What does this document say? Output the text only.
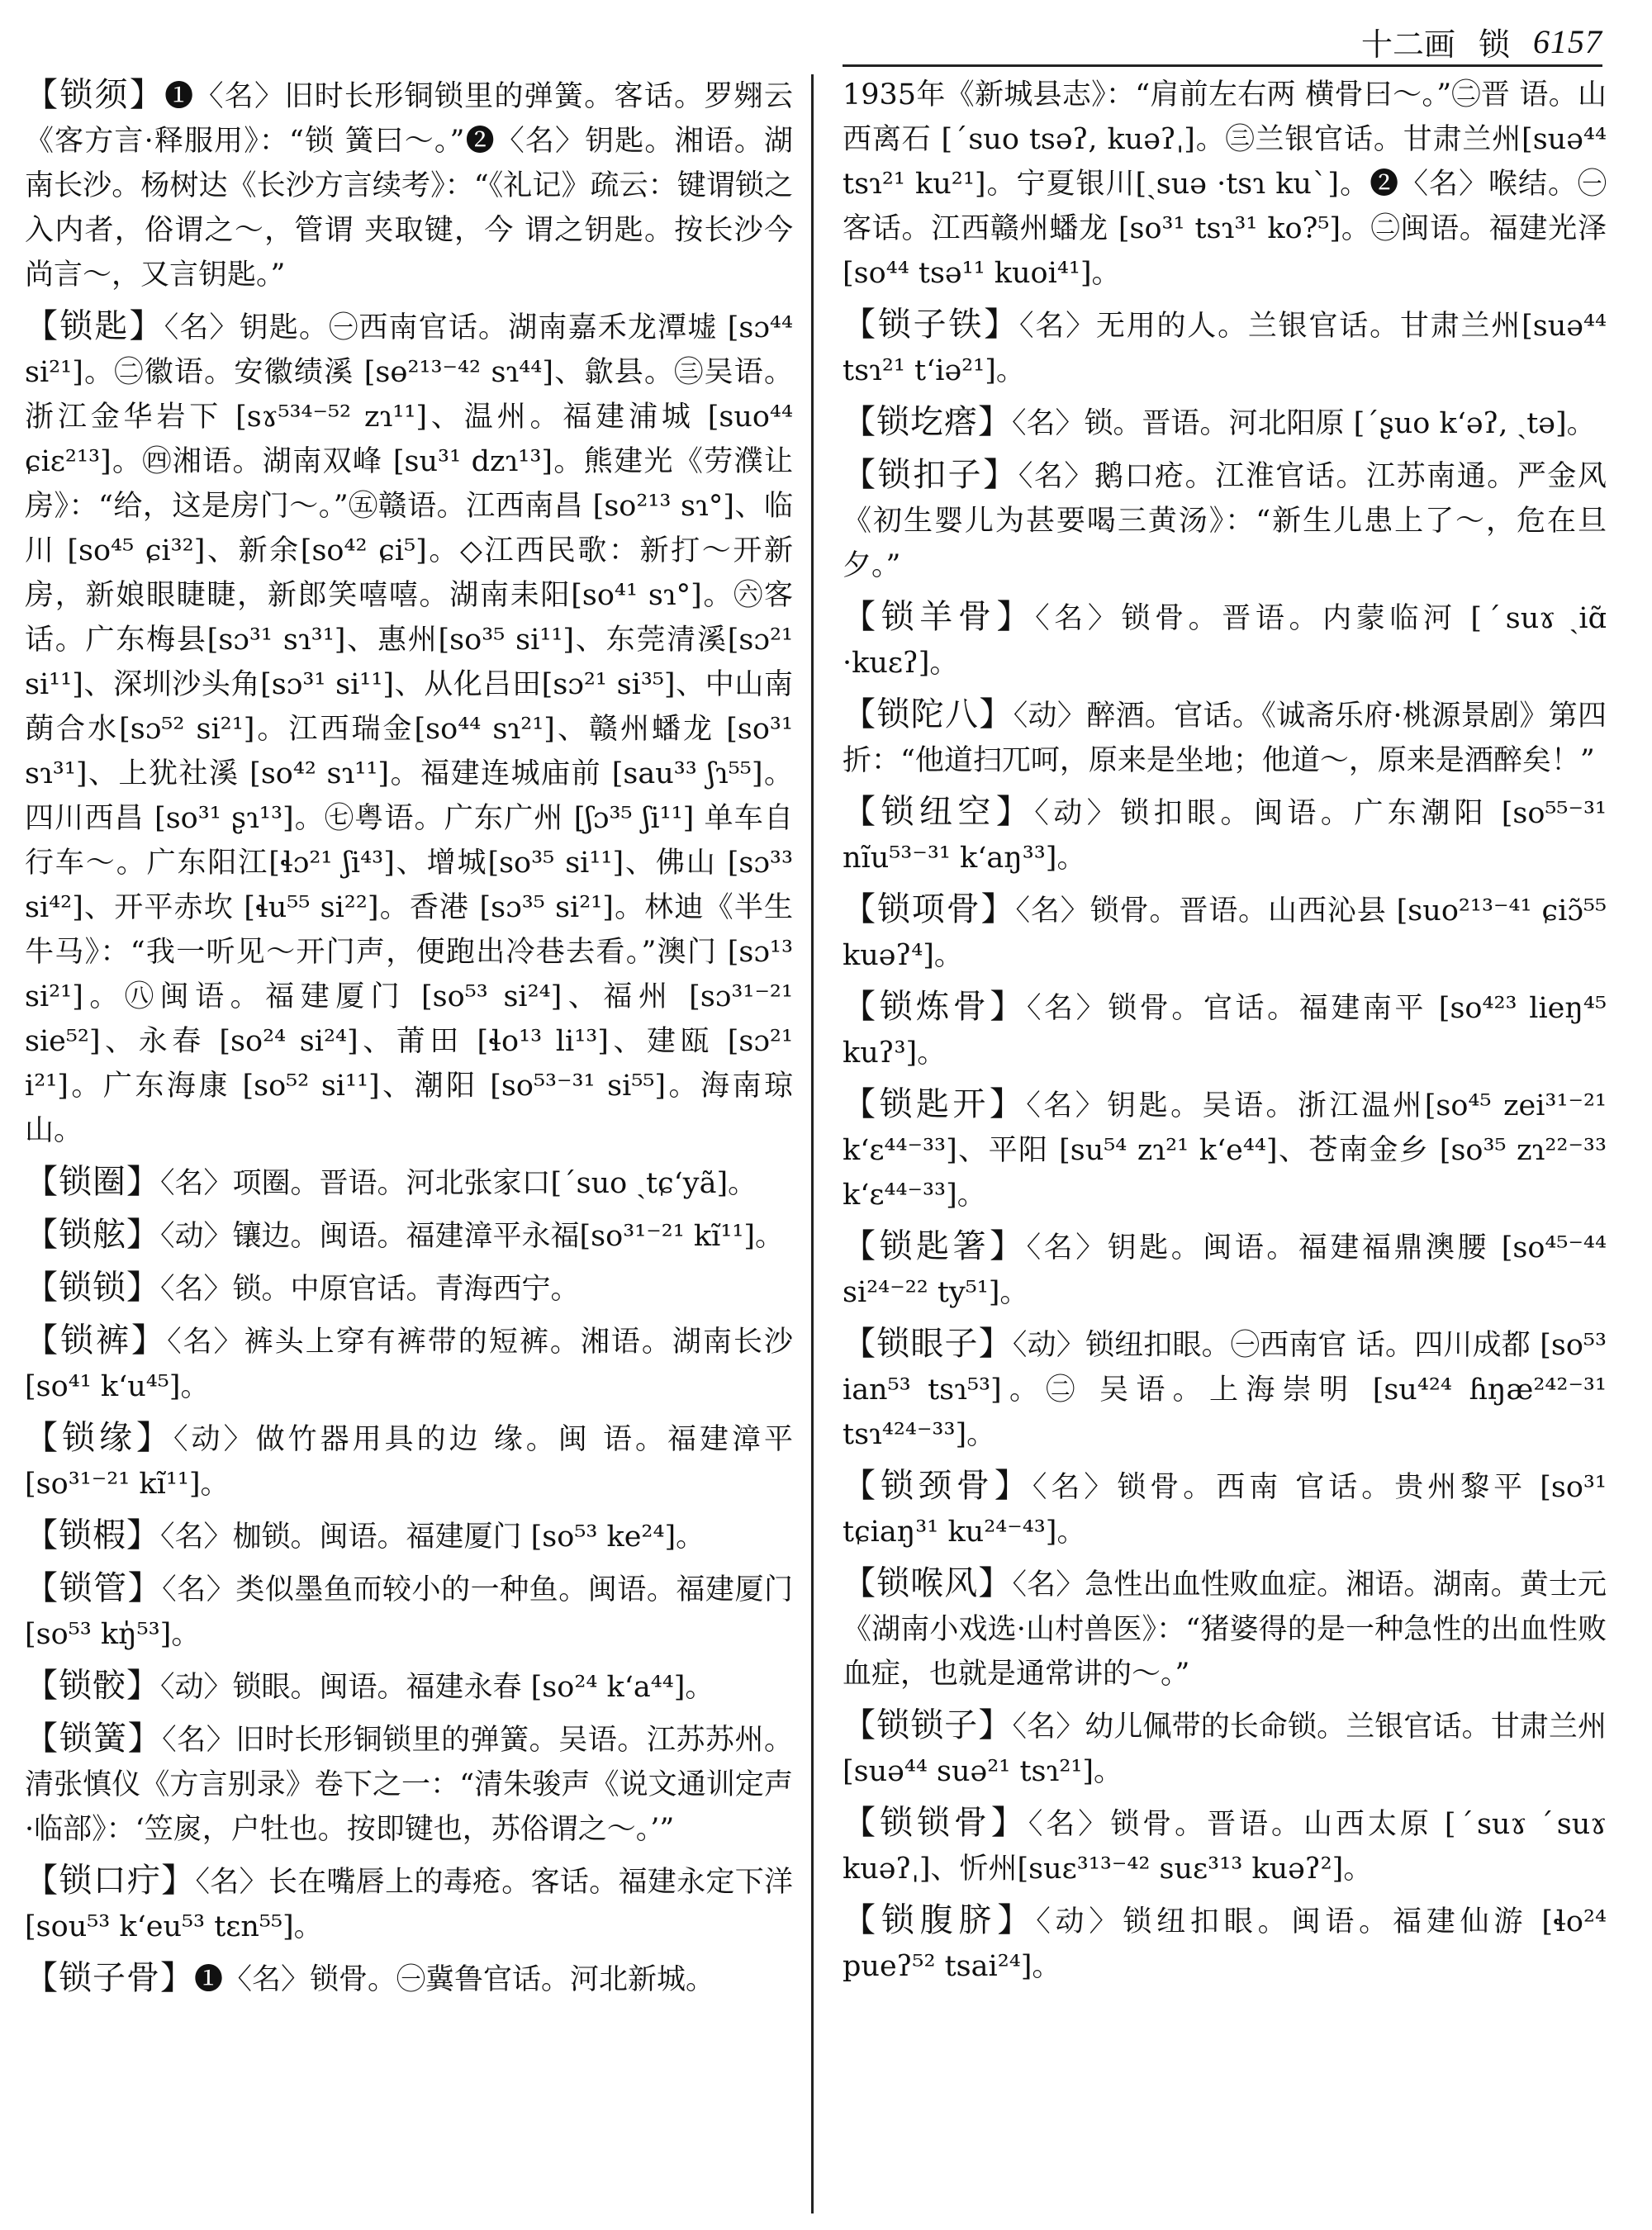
十二画 锁 6157

【锁须】❶〈名〉旧时长形铜锁里的弹簧。客话。罗翙云《客方言·释服用》：“锁 簧曰～。”❷〈名〉钥匙。湘语。湖南长沙。杨树达《长沙方言续考》：“《礼记》疏云：键谓锁之入内者，俗谓之～，管谓 夹取键，今 谓之钥匙。按长沙今尚言～，又言钥匙。”

【锁匙】〈名〉钥匙。㊀西南官话。湖南嘉禾龙潭墟 [sɔ⁴⁴ si²¹]。㊁徽语。安徽绩溪 [sɵ²¹³⁻⁴² sɿ⁴⁴]、歙县。㊂吴语。浙江金华岩下 [sɤ⁵³⁴⁻⁵² zɿ¹¹]、温州。福建浦城 [suo⁴⁴ ɕiɛ²¹³]。㊃湘语。湖南双峰 [su³¹ dzɿ¹³]。熊建光《劳濮让房》：“给，这是房门～。”㊄赣语。江西南昌 [so²¹³ sɿ°]、临川 [so⁴⁵ ɕi³²]、新余[so⁴² ɕi⁵]。◇江西民歌：新打～开新房，新娘眼睫睫，新郎笑嘻嘻。湖南耒阳[so⁴¹ sɿ°]。㊅客话。广东梅县[sɔ³¹ sɿ³¹]、惠州[so³⁵ si¹¹]、东莞清溪[sɔ²¹ si¹¹]、深圳沙头角[sɔ³¹ si¹¹]、从化吕田[sɔ²¹ si³⁵]、中山南蓢合水[sɔ⁵² si²¹]。江西瑞金[so⁴⁴ sɿ²¹]、赣州蟠龙 [so³¹ sɿ³¹]、上犹社溪 [so⁴² sɿ¹¹]。福建连城庙前 [sau³³ ʃɿ⁵⁵]。四川西昌 [so³¹ ʂɿ¹³]。㊆粤语。广东广州 [ʃɔ³⁵ ʃi¹¹] 单车自行车～。广东阳江[ɬɔ²¹ ʃi⁴³]、增城[so³⁵ si¹¹]、佛山 [sɔ³³ si⁴²]、开平赤坎 [ɬu⁵⁵ si²²]。香港 [sɔ³⁵ si²¹]。林迪《半生牛马》：“我一听见～开门声，便跑出冷巷去看。”澳门 [sɔ¹³ si²¹]。㊇闽语。福建厦门 [so⁵³ si²⁴]、福州 [sɔ³¹⁻²¹ sie⁵²]、永春 [so²⁴ si²⁴]、莆田 [ɬo¹³ li¹³]、建瓯 [sɔ²¹ i²¹]。广东海康 [so⁵² si¹¹]、潮阳 [so⁵³⁻³¹ si⁵⁵]。海南琼山。

【锁圈】〈名〉项圈。晋语。河北张家口[ˊsuo ˏtɕʻyã]。

【锁舷】〈动〉镶边。闽语。福建漳平永福[so³¹⁻²¹ kĩ¹¹]。

【锁锁】〈名〉锁。中原官话。青海西宁。

【锁裤】〈名〉裤头上穿有裤带的短裤。湘语。湖南长沙 [so⁴¹ kʻu⁴⁵]。

【锁缘】〈动〉做竹器用具的边 缘。闽 语。福建漳平 [so³¹⁻²¹ kĩ¹¹]。

【锁椵】〈名〉枷锁。闽语。福建厦门 [so⁵³ ke²⁴]。

【锁管】〈名〉类似墨鱼而较小的一种鱼。闽语。福建厦门 [so⁵³ kŋ̍⁵³]。

【锁骹】〈动〉锁眼。闽语。福建永春 [so²⁴ kʻa⁴⁴]。

【锁簧】〈名〉旧时长形铜锁里的弹簧。吴语。江苏苏州。清张慎仪《方言别录》卷下之一：“清朱骏声《说文通训定声·临部》：‘笠扊，户牡也。按即键也，苏俗谓之～。’”

【锁口疔】〈名〉长在嘴唇上的毒疮。客话。福建永定下洋 [sou⁵³ kʻeu⁵³ tɛn⁵⁵]。

【锁子骨】❶〈名〉锁骨。㊀冀鲁官话。河北新城。

1935年《新城县志》：“肩前左右两 横骨曰～。”㊁晋 语。山西离石 [ˊsuo tsəʔ, kuəʔˌ]。㊂兰银官话。甘肃兰州[suə⁴⁴ tsɿ²¹ ku²¹]。宁夏银川[ˏsuə ·tsɿ kuˋ]。❷〈名〉喉结。㊀客话。江西赣州蟠龙 [so³¹ tsɿ³¹ ko?⁵]。㊁闽语。福建光泽[so⁴⁴ tsə¹¹ kuoi⁴¹]。

【锁子铁】〈名〉无用的人。兰银官话。甘肃兰州[suə⁴⁴ tsɿ²¹ tʻiə²¹]。

【锁圪瘩】〈名〉锁。晋语。河北阳原 [ˊʂuo kʻəʔ, ˏtə]。

【锁扣子】〈名〉鹅口疮。江淮官话。江苏南通。严金风《初生婴儿为甚要喝三黄汤》：“新生儿患上了～，危在旦夕。”

【锁羊骨】〈名〉锁骨。晋语。内蒙临河 [ˊsuɤ ˏiɑ̃ ·kuɛʔ]。

【锁陀八】〈动〉醉酒。官话。《诚斋乐府·桃源景剧》第四折：“他道扫兀呵，原来是坐地；他道～，原来是酒醉矣！”

【锁纽空】〈动〉锁扣眼。闽语。广东潮阳 [so⁵⁵⁻³¹ nĩu⁵³⁻³¹ kʻaŋ³³]。

【锁项骨】〈名〉锁骨。晋语。山西沁县 [suo²¹³⁻⁴¹ ɕiɔ̃⁵⁵ kuəʔ⁴]。

【锁炼骨】〈名〉锁骨。官话。福建南平 [so⁴²³ lieŋ⁴⁵ kuʔ³]。

【锁匙开】〈名〉钥匙。吴语。浙江温州[so⁴⁵ zei³¹⁻²¹ kʻɛ⁴⁴⁻³³]、平阳 [su⁵⁴ zɿ²¹ kʻe⁴⁴]、苍南金乡 [so³⁵ zɿ²²⁻³³ kʻɛ⁴⁴⁻³³]。

【锁匙箸】〈名〉钥匙。闽语。福建福鼎澳腰 [so⁴⁵⁻⁴⁴ si²⁴⁻²² ty⁵¹]。

【锁眼子】〈动〉锁纽扣眼。㊀西南官 话。四川成都 [so⁵³ ian⁵³ tsɿ⁵³]。㊁ 吴语。上海崇明 [su⁴²⁴ ɦŋæ²⁴²⁻³¹ tsɿ⁴²⁴⁻³³]。

【锁颈骨】〈名〉锁骨。西南 官话。贵州黎平 [so³¹ tɕiaŋ³¹ ku²⁴⁻⁴³]。

【锁喉风】〈名〉急性出血性败血症。湘语。湖南。黄士元《湖南小戏选·山村兽医》：“猪婆得的是一种急性的出血性败血症，也就是通常讲的～。”

【锁锁子】〈名〉幼儿佩带的长命锁。兰银官话。甘肃兰州 [suə⁴⁴ suə²¹ tsɿ²¹]。

【锁锁骨】〈名〉锁骨。晋语。山西太原 [ˊsuɤ ˊsuɤ kuəʔˌ]、忻州[suɛ³¹³⁻⁴² suɛ³¹³ kuəʔ²]。

【锁腹脐】〈动〉锁纽扣眼。闽语。福建仙游 [ɬo²⁴ pueʔ⁵² tsai²⁴]。
